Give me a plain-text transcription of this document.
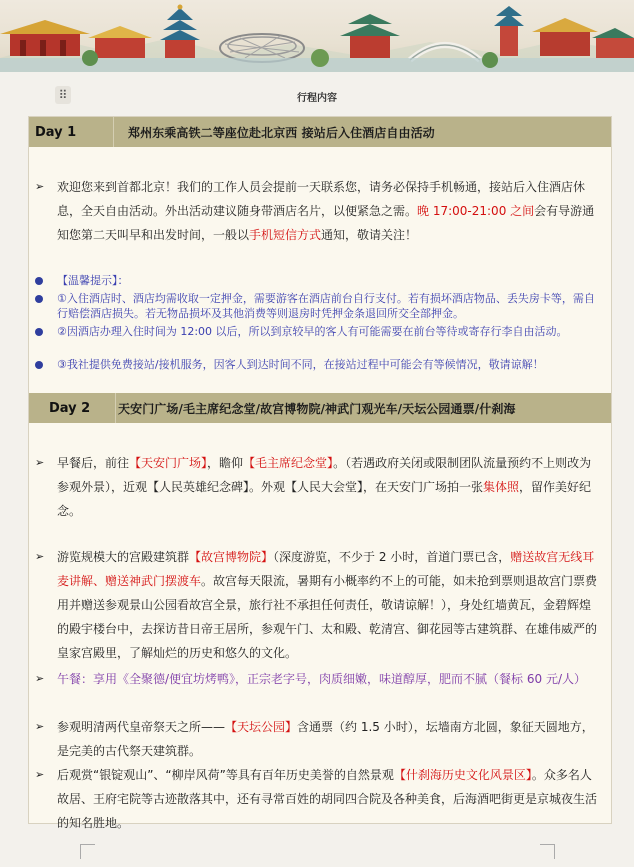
⠿	行程内容
Day 1	郑州东乘高铁二等座位赴北京西 接站后入住酒店自由活动
➢	欢迎您来到首都北京！我们的工作人员会提前一天联系您，请务必保持手机畅通，接站后入住酒店休息，全天自由活动。外出活动建议随身带酒店名片，以便紧急之需。晚 17:00-21:00 之间会有导游通知您第二天叫早和出发时间，一般以手机短信方式通知，敬请关注！
【温馨提示】：
①入住酒店时、酒店均需收取一定押金，需要游客在酒店前台自行支付。若有损坏酒店物品、丢失房卡等，需自行赔偿酒店损失。若无物品损坏及其他消费等则退房时凭押金条退回所交全部押金。
②因酒店办理入住时间为 12:00 以后，所以到京较早的客人有可能需要在前台等待或寄存行李自由活动。
③我社提供免费接站/接机服务，因客人到达时间不同，在接站过程中可能会有等候情况，敬请谅解！
Day 2	天安门广场/毛主席纪念堂/故宫博物院/神武门观光车/天坛公园通票/什刹海
➢	早餐后，前往【天安门广场】，瞻仰【毛主席纪念堂】。（若遇政府关闭或限制团队流量预约不上则改为参观外景），近观【人民英雄纪念碑】。外观【人民大会堂】，在天安门广场拍一张集体照，留作美好纪念。
➢	游览规模大的宫殿建筑群【故宫博物院】（深度游览，不少于 2 小时，首道门票已含，赠送故宫无线耳麦讲解、赠送神武门摆渡车。故宫每天限流，暑期有小概率约不上的可能，如未抢到票则退故宫门票费用并赠送参观景山公园看故宫全景，旅行社不承担任何责任，敬请谅解！），身处红墙黄瓦，金碧辉煌的殿宇楼台中，去探访昔日帝王居所，参观午门、太和殿、乾清宫、御花园等古建筑群、在雄伟威严的皇家宫殿里，了解灿烂的历史和悠久的文化。
➢	午餐：享用《全聚德/便宜坊烤鸭》，正宗老字号，肉质细嫩，味道醇厚，肥而不腻（餐标 60 元/人）
➢	参观明清两代皇帝祭天之所——【天坛公园】含通票（约 1.5 小时），坛墙南方北圆，象征天圆地方，是完美的古代祭天建筑群。
➢	后观赏“银锭观山”、“柳岸风荷”等具有百年历史美誉的自然景观【什刹海历史文化风景区】。众多名人故居、王府宅院等古迹散落其中，还有寻常百姓的胡同四合院及各种美食，后海酒吧街更是京城夜生活的知名胜地。
